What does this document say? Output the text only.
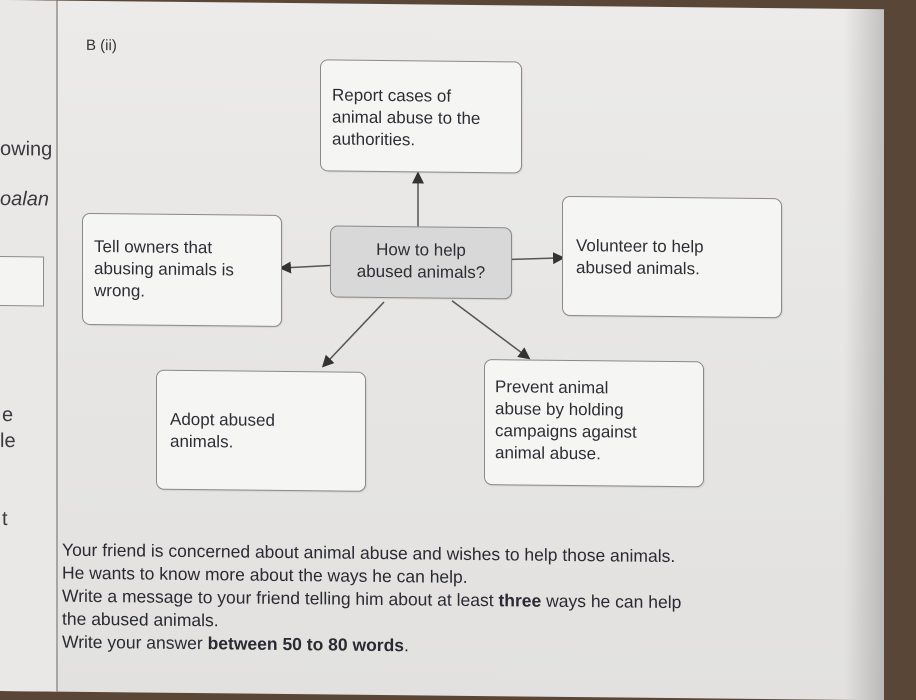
owing
oalan
e
le
t
B (ii)
Report cases of
animal abuse to the
authorities.
Tell owners that
abusing animals is
wrong.
How to help
abused animals?
Volunteer to help
abused animals.
Adopt abused
animals.
Prevent animal
abuse by holding
campaigns against
animal abuse.

Your friend is concerned about animal abuse and wishes to help those animals.

He wants to know more about the ways he can help.

Write a message to your friend telling him about at least three ways he can help

the abused animals.

Write your answer between 50 to 80 words.
